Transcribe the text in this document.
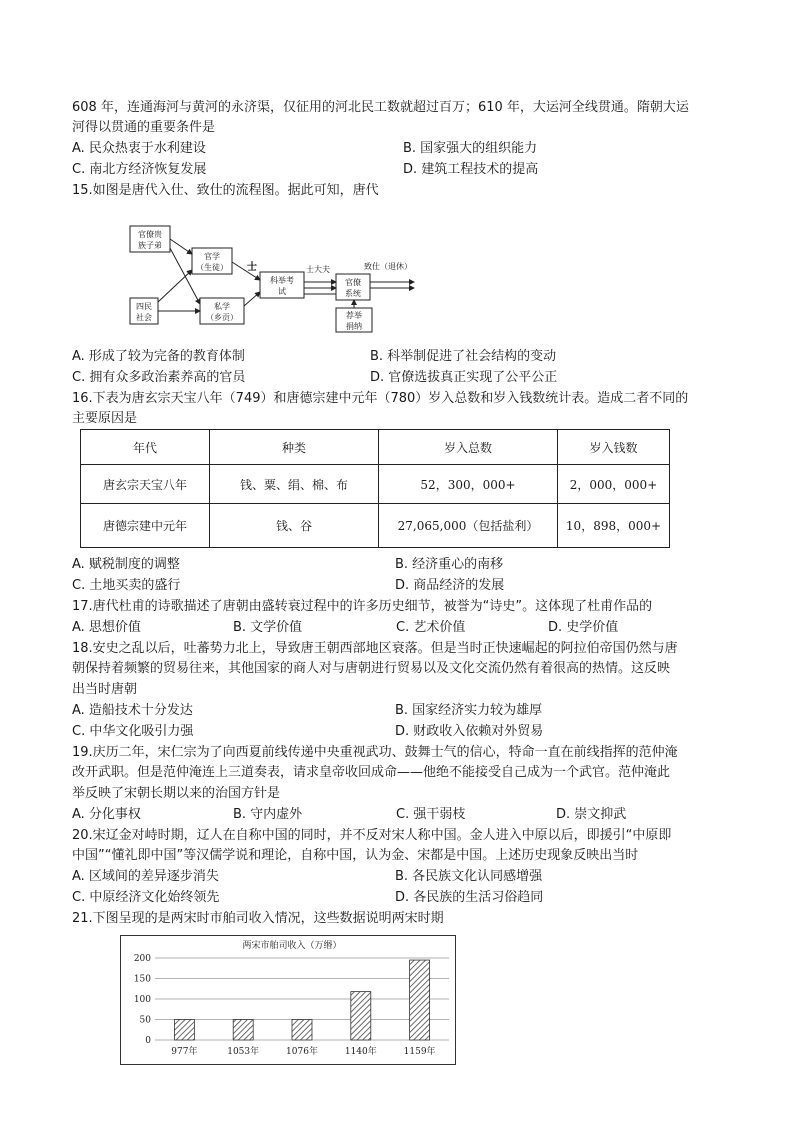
608 年，连通海河与黄河的永济渠，仅征用的河北民工数就超过百万；610 年，大运河全线贯通。隋朝大运
河得以贯通的重要条件是
A. 民众热衷于水利建设	B. 国家强大的组织能力
C. 南北方经济恢复发展	D. 建筑工程技术的提高
15.如图是唐代入仕、致仕的流程图。据此可知，唐代
官僚贵
族子弟
官学
（生徒）
四民
社会
私学
（乡贡）
科举考
试
官僚
系统
荐举
捐纳
士	士大夫	致仕（退休）
A. 形成了较为完备的教育体制	B. 科举制促进了社会结构的变动
C. 拥有众多政治素养高的官员	D. 官僚选拔真正实现了公平公正
16.下表为唐玄宗天宝八年（749）和唐德宗建中元年（780）岁入总数和岁入钱数统计表。造成二者不同的
主要原因是
年代	种类	岁入总数	岁入钱数
唐玄宗天宝八年	钱、粟、绢、棉、布	52，300，000+	2，000，000+
唐德宗建中元年	钱、谷	27,065,000（包括盐利）	10，898，000+
A. 赋税制度的调整	B. 经济重心的南移
C. 土地买卖的盛行	D. 商品经济的发展
17.唐代杜甫的诗歌描述了唐朝由盛转衰过程中的许多历史细节，被誉为“诗史”。这体现了杜甫作品的
A. 思想价值	B. 文学价值	C. 艺术价值	D. 史学价值
18.安史之乱以后，吐蕃势力北上，导致唐王朝西部地区衰落。但是当时正快速崛起的阿拉伯帝国仍然与唐
朝保持着频繁的贸易往来，其他国家的商人对与唐朝进行贸易以及文化交流仍然有着很高的热情。这反映
出当时唐朝
A. 造船技术十分发达	B. 国家经济实力较为雄厚
C. 中华文化吸引力强	D. 财政收入依赖对外贸易
19.庆历二年，宋仁宗为了向西夏前线传递中央重视武功、鼓舞士气的信心，特命一直在前线指挥的范仲淹
改开武职。但是范仲淹连上三道奏表，请求皇帝收回成命——他绝不能接受自己成为一个武官。范仲淹此
举反映了宋朝长期以来的治国方针是
A. 分化事权	B. 守内虚外	C. 强干弱枝	D. 崇文抑武
20.宋辽金对峙时期，辽人在自称中国的同时，并不反对宋人称中国。金人进入中原以后，即援引“中原即
中国”“懂礼即中国”等汉儒学说和理论，自称中国，认为金、宋都是中国。上述历史现象反映出当时
A. 区域间的差异逐步消失	B. 各民族文化认同感增强
C. 中原经济文化始终领先	D. 各民族的生活习俗趋同
21.下图呈现的是两宋时市舶司收入情况，这些数据说明两宋时期
两宋市舶司收入（万缗）
0
50
100
150
200
977年	1053年	1076年	1140年	1159年
